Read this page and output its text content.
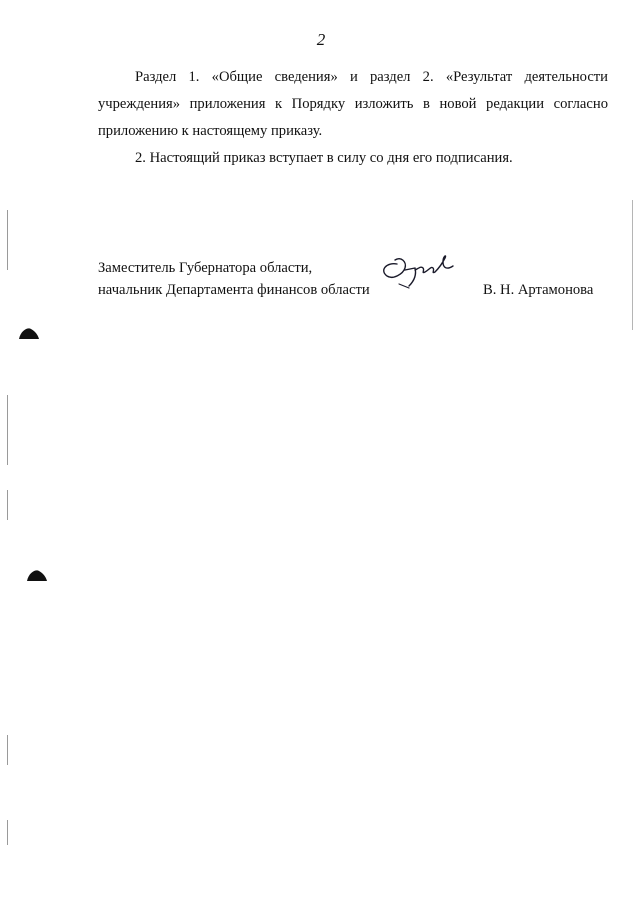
2

Раздел 1. «Общие сведения» и раздел 2. «Результат деятельности учреждения» приложения к Порядку изложить в новой редакции согласно приложению к настоящему приказу.

2. Настоящий приказ вступает в силу со дня его подписания.

Заместитель Губернатора области,
начальник Департамента финансов области	В. Н. Артамонова
